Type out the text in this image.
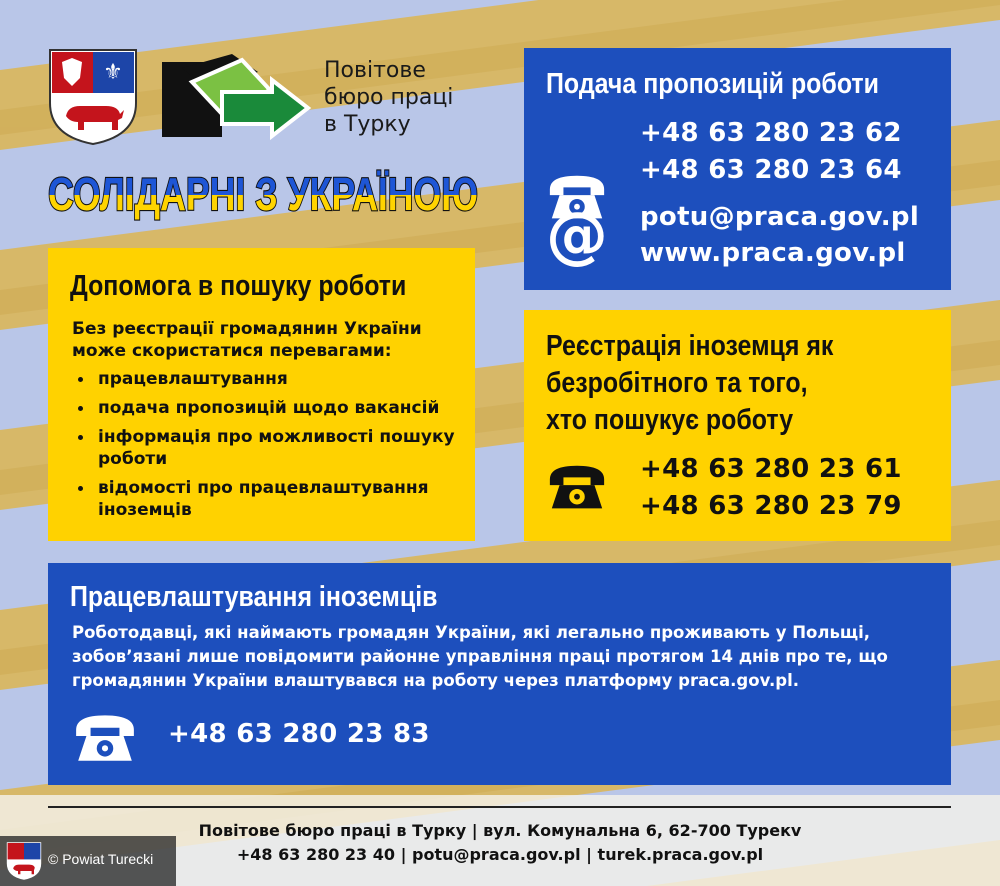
⚜	Повітове
бюро праці
в Турку
СОЛІДАРНІ З УКРАЇНОЮ
Подача пропозицій роботи
+48 63 280 23 62
+48 63 280 23 64
@ potu@praca.gov.pl
www.praca.gov.pl
Допомога в пошуку роботи
Без реєстрації громадянин України може скористатися перевагами:
працевлаштування
подача пропозицій щодо вакансій
інформація про можливості пошуку роботи
відомості про працевлаштування іноземців
Реєстрація іноземця як
безробітного та того,
хто пошукує роботу
+48 63 280 23 61
+48 63 280 23 79
Працевлаштування іноземців
Роботодавці, які наймають громадян України, які легально проживають у Польщі, зобов’язані лише повідомити районне управління праці протягом 14 днів про те, що громадянин України влаштувався на роботу через платформу praca.gov.pl.
+48 63 280 23 83
Повітове бюро праці в Турку | вул. Комунальна 6, 62-700 Турекv
+48 63 280 23 40 | potu@praca.gov.pl | turek.praca.gov.pl
© Powiat Turecki
